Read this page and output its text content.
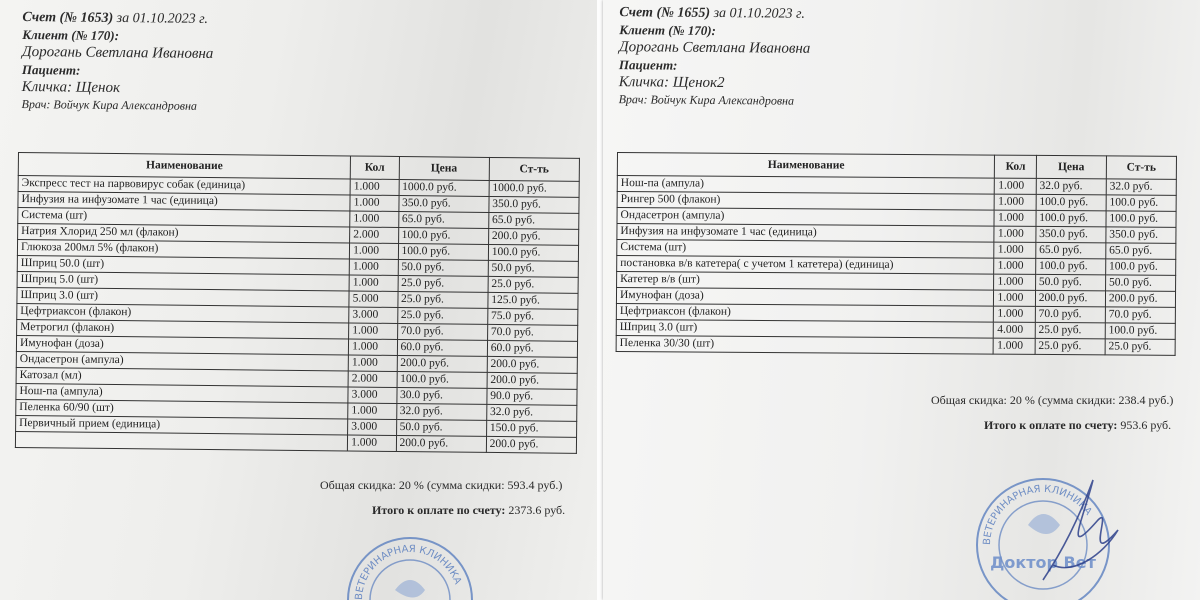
Счет (№ 1653) за 01.10.2023 г.
Клиент (№ 170):
Дорогань Светлана Ивановна
Пациент:
Кличка: Щенок
Врач: Войчук Кира Александровна
Наименование	Кол	Цена	Ст-ть
Экспресс тест на парвовирус собак (единица)	1.000	1000.0 руб.	1000.0 руб.
Инфузия на инфузомате 1 час (единица)	1.000	350.0 руб.	350.0 руб.
Система (шт)	1.000	65.0 руб.	65.0 руб.
Натрия Хлорид 250 мл (флакон)	2.000	100.0 руб.	200.0 руб.
Глюкоза 200мл 5% (флакон)	1.000	100.0 руб.	100.0 руб.
Шприц 50.0 (шт)	1.000	50.0 руб.	50.0 руб.
Шприц 5.0 (шт)	1.000	25.0 руб.	25.0 руб.
Шприц 3.0 (шт)	5.000	25.0 руб.	125.0 руб.
Цефтриаксон (флакон)	3.000	25.0 руб.	75.0 руб.
Метрогил (флакон)	1.000	70.0 руб.	70.0 руб.
Имунофан (доза)	1.000	60.0 руб.	60.0 руб.
Ондасетрон (ампула)	1.000	200.0 руб.	200.0 руб.
Катозал (мл)	2.000	100.0 руб.	200.0 руб.
Нош-па (ампула)	3.000	30.0 руб.	90.0 руб.
Пеленка 60/90 (шт)	1.000	32.0 руб.	32.0 руб.
Первичный прием (единица)	3.000	50.0 руб.	150.0 руб.
	1.000	200.0 руб.	200.0 руб.
Общая скидка: 20 % (сумма скидки: 593.4 руб.)
Итого к оплате по счету: 2373.6 руб.
ВЕТЕРИНАРНАЯ КЛИНИКА
Счет (№ 1655) за 01.10.2023 г.
Клиент (№ 170):
Дорогань Светлана Ивановна
Пациент:
Кличка: Щенок2
Врач: Войчук Кира Александровна
Наименование	Кол	Цена	Ст-ть
Нош-па (ампула)	1.000	32.0 руб.	32.0 руб.
Рингер 500 (флакон)	1.000	100.0 руб.	100.0 руб.
Ондасетрон (ампула)	1.000	100.0 руб.	100.0 руб.
Инфузия на инфузомате 1 час (единица)	1.000	350.0 руб.	350.0 руб.
Система (шт)	1.000	65.0 руб.	65.0 руб.
постановка в/в катетера( с учетом 1 катетера) (единица)	1.000	100.0 руб.	100.0 руб.
Катетер в/в (шт)	1.000	50.0 руб.	50.0 руб.
Имунофан (доза)	1.000	200.0 руб.	200.0 руб.
Цефтриаксон (флакон)	1.000	70.0 руб.	70.0 руб.
Шприц 3.0 (шт)	4.000	25.0 руб.	100.0 руб.
Пеленка 30/30 (шт)	1.000	25.0 руб.	25.0 руб.
Общая скидка: 20 % (сумма скидки: 238.4 руб.)
Итого к оплате по счету: 953.6 руб.
ВЕТЕРИНАРНАЯ КЛИНИКА
Доктор Вет
